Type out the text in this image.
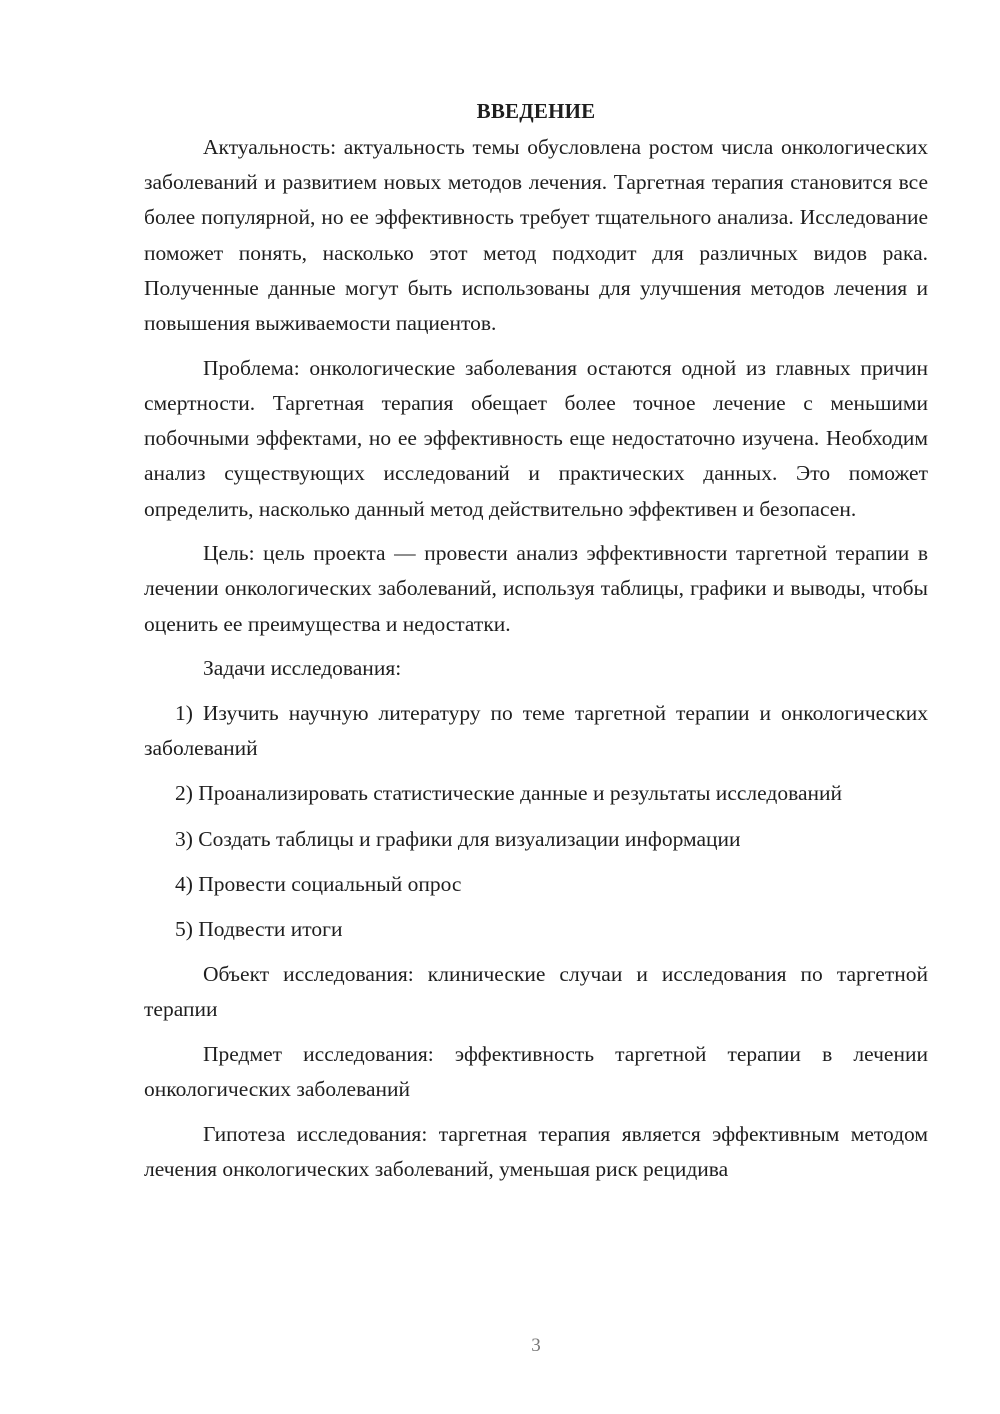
ВВЕДЕНИЕ

Актуальность: актуальность темы обусловлена ростом числа онкологических заболеваний и развитием новых методов лечения. Таргетная терапия становится все более популярной, но ее эффективность требует тщательного анализа. Исследование поможет понять, насколько этот метод подходит для различных видов рака. Полученные данные могут быть использованы для улучшения методов лечения и повышения выживаемости пациентов.

Проблема: онкологические заболевания остаются одной из главных причин смертности. Таргетная терапия обещает более точное лечение с меньшими побочными эффектами, но ее эффективность еще недостаточно изучена. Необходим анализ существующих исследований и практических данных. Это поможет определить, насколько данный метод действительно эффективен и безопасен.

Цель: цель проекта — провести анализ эффективности таргетной терапии в лечении онкологических заболеваний, используя таблицы, графики и выводы, чтобы оценить ее преимущества и недостатки.

Задачи исследования:

1) Изучить научную литературу по теме таргетной терапии и онкологических заболеваний

2) Проанализировать статистические данные и результаты исследований

3) Создать таблицы и графики для визуализации информации

4) Провести социальный опрос

5) Подвести итоги

Объект исследования: клинические случаи и исследования по таргетной терапии

Предмет исследования: эффективность таргетной терапии в лечении онкологических заболеваний

Гипотеза исследования: таргетная терапия является эффективным методом лечения онкологических заболеваний, уменьшая риск рецидива

3
